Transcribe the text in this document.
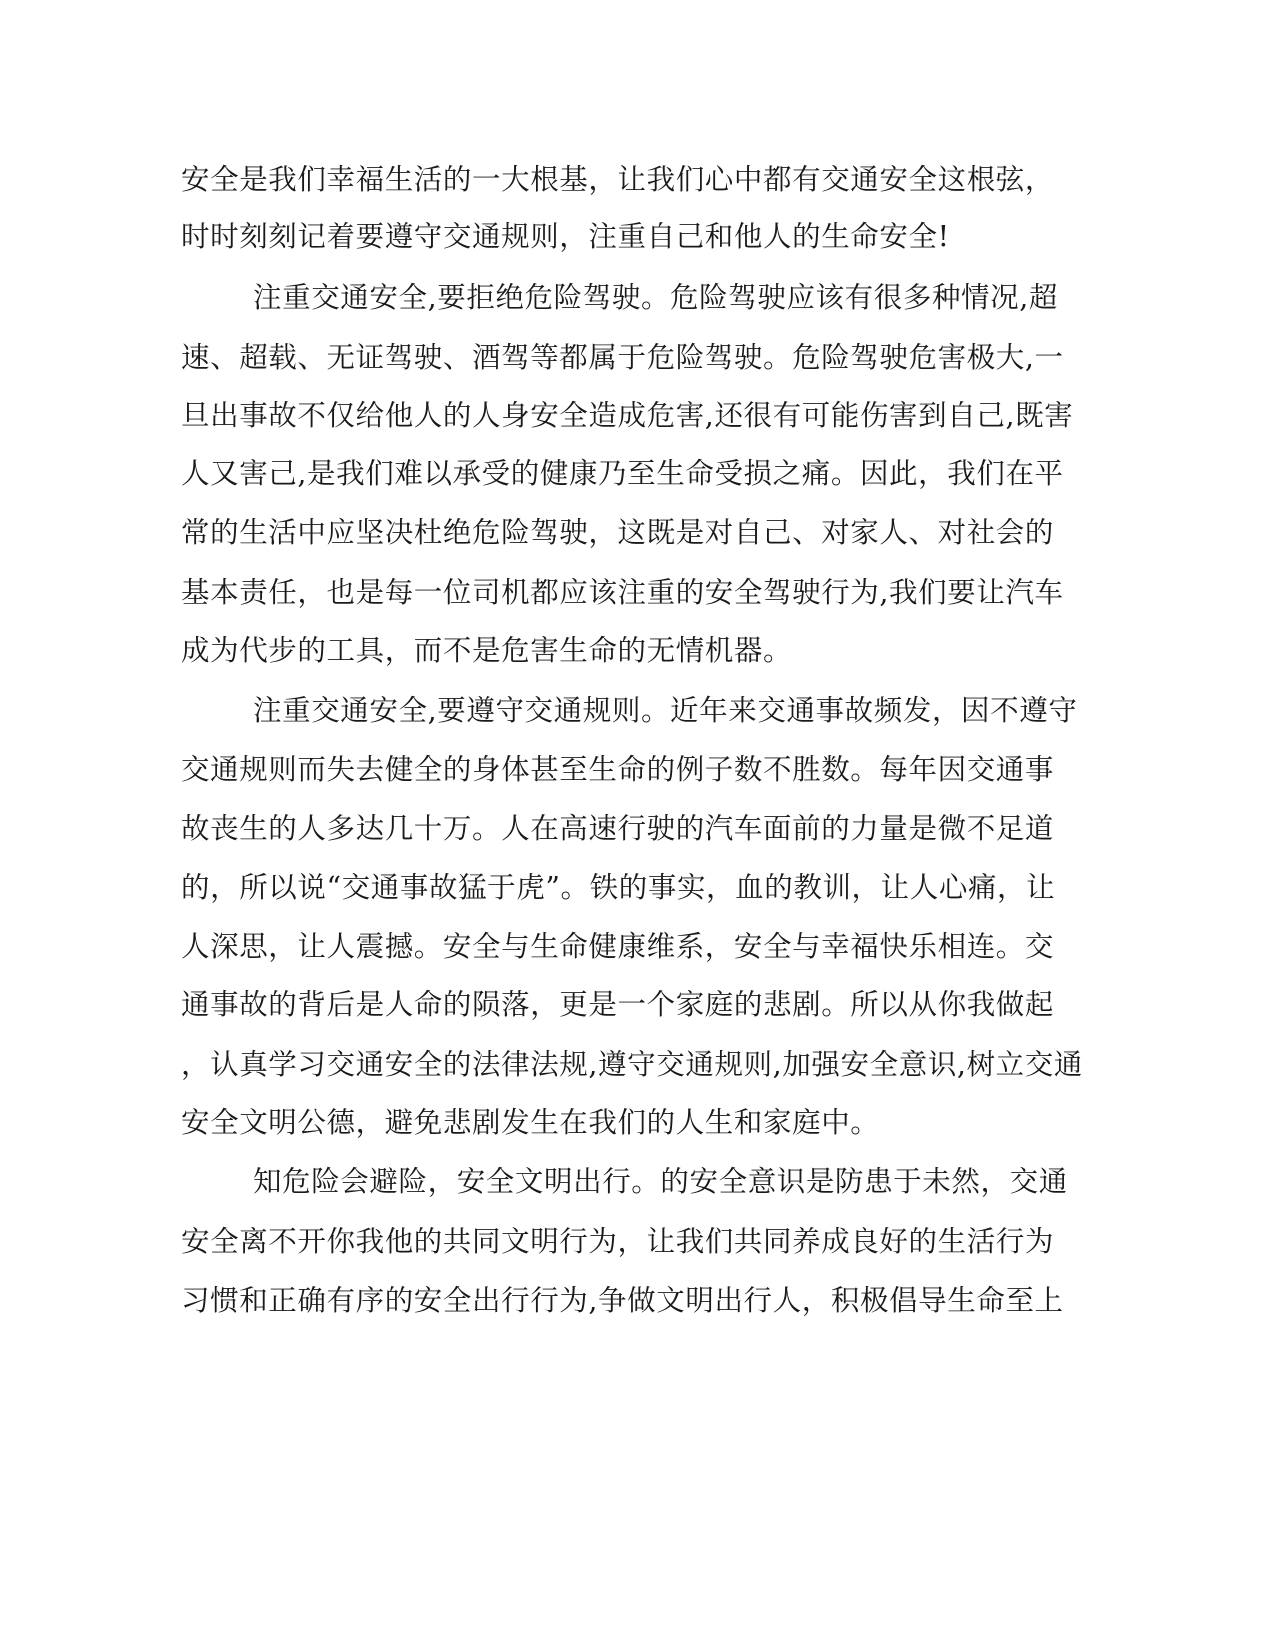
安全是我们幸福生活的一大根基，让我们心中都有交通安全这根弦，
时时刻刻记着要遵守交通规则，注重自己和他人的生命安全!
注重交通安全,要拒绝危险驾驶。危险驾驶应该有很多种情况,超
速、超载、无证驾驶、酒驾等都属于危险驾驶。危险驾驶危害极大,一
旦出事故不仅给他人的人身安全造成危害,还很有可能伤害到自己,既害
人又害己,是我们难以承受的健康乃至生命受损之痛。因此，我们在平
常的生活中应坚决杜绝危险驾驶，这既是对自己、对家人、对社会的
基本责任，也是每一位司机都应该注重的安全驾驶行为,我们要让汽车
成为代步的工具，而不是危害生命的无情机器。
注重交通安全,要遵守交通规则。近年来交通事故频发，因不遵守
交通规则而失去健全的身体甚至生命的例子数不胜数。每年因交通事
故丧生的人多达几十万。人在高速行驶的汽车面前的力量是微不足道
的，所以说“交通事故猛于虎”。铁的事实，血的教训，让人心痛，让
人深思，让人震撼。安全与生命健康维系，安全与幸福快乐相连。交
通事故的背后是人命的陨落，更是一个家庭的悲剧。所以从你我做起
，认真学习交通安全的法律法规,遵守交通规则,加强安全意识,树立交通
安全文明公德，避免悲剧发生在我们的人生和家庭中。
知危险会避险，安全文明出行。的安全意识是防患于未然，交通
安全离不开你我他的共同文明行为，让我们共同养成良好的生活行为
习惯和正确有序的安全出行行为,争做文明出行人，积极倡导生命至上
